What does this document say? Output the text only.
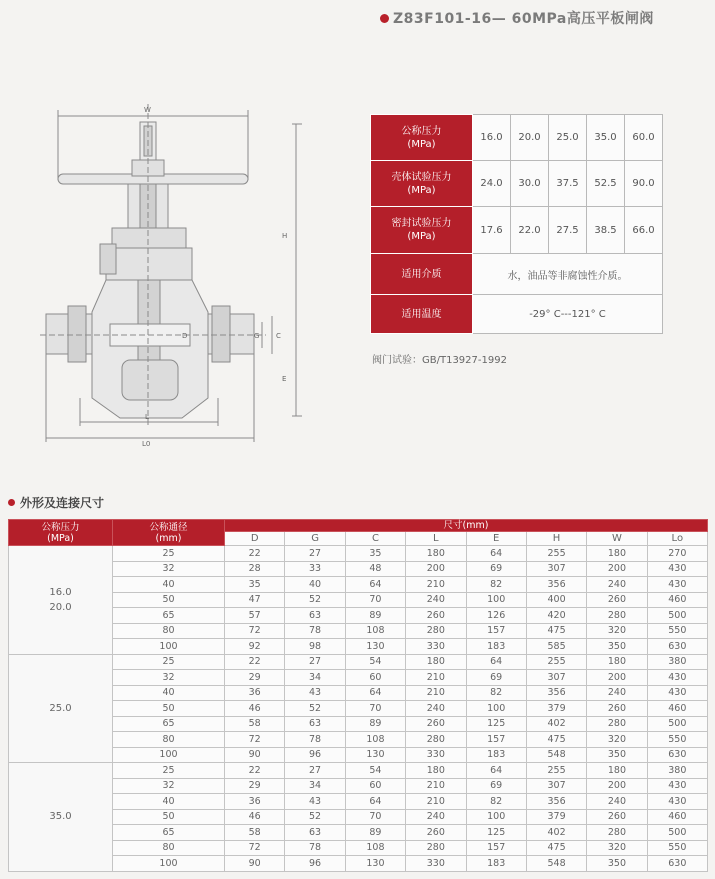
Z83F101-16— 60MPa高压平板闸阀
W
H
E
L
L0
G C
D
公称压力
(MPa)	16.0	20.0	25.0	35.0	60.0
壳体试验压力
(MPa)	24.0	30.0	37.5	52.5	90.0
密封试验压力
(MPa)	17.6	22.0	27.5	38.5	66.0
适用介质	水，油品等非腐蚀性介质。				
适用温度	-29° C---121° C				
阀门试验：GB/T13927-1992
外形及连接尺寸
公称压力
(MPa)	公称通径
(mm)	尺寸(mm)							
		D	G	C	L	E	H	W	Lo

16.0
20.0	25	22	27	35	180	64	255	180	270
	32	28	33	48	200	69	307	200	430
	40	35	40	64	210	82	356	240	430
	50	47	52	70	240	100	400	260	460
	65	57	63	89	260	126	420	280	500
	80	72	78	108	280	157	475	320	550
	100	92	98	130	330	183	585	350	630

25.0	25	22	27	54	180	64	255	180	380
	32	29	34	60	210	69	307	200	430
	40	36	43	64	210	82	356	240	430
	50	46	52	70	240	100	379	260	460
	65	58	63	89	260	125	402	280	500
	80	72	78	108	280	157	475	320	550
	100	90	96	130	330	183	548	350	630

35.0	25	22	27	54	180	64	255	180	380
	32	29	34	60	210	69	307	200	430
	40	36	43	64	210	82	356	240	430
	50	46	52	70	240	100	379	260	460
	65	58	63	89	260	125	402	280	500
	80	72	78	108	280	157	475	320	550
	100	90	96	130	330	183	548	350	630
